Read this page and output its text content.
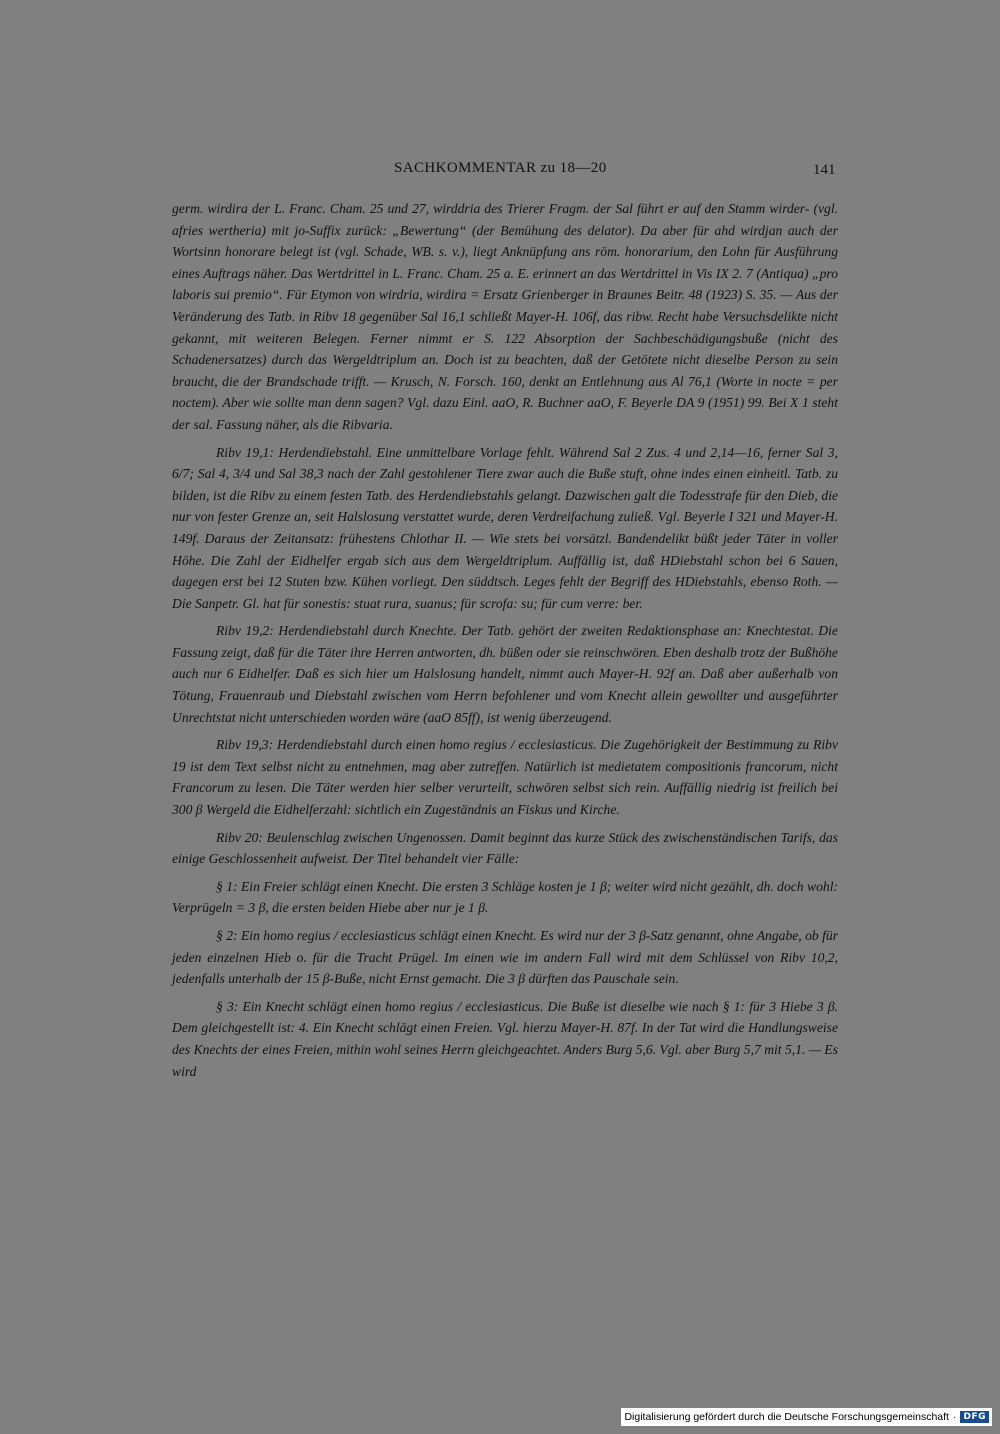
SACHKOMMENTAR zu 18—20	141

germ. wirdira der L. Franc. Cham. 25 und 27, wirddria des Trierer Fragm. der Sal führt er auf den Stamm wirder- (vgl. afries wertheria) mit jo-Suffix zurück: „Bewertung“ (der Bemühung des delator). Da aber für ahd wirdjan auch der Wortsinn honorare belegt ist (vgl. Schade, WB. s. v.), liegt Anknüpfung ans röm. honorarium, den Lohn für Ausführung eines Auftrags näher. Das Wertdrittel in L. Franc. Cham. 25 a. E. erinnert an das Wertdrittel in Vis IX 2. 7 (Antiqua) „pro laboris sui premio“. Für Etymon von wirdria, wirdira = Ersatz Grienberger in Braunes Beitr. 48 (1923) S. 35. — Aus der Veränderung des Tatb. in Ribv 18 gegenüber Sal 16,1 schließt Mayer-H. 106f, das ribw. Recht habe Versuchsdelikte nicht gekannt, mit weiteren Belegen. Ferner nimmt er S. 122 Absorption der Sachbeschädigungsbuße (nicht des Schadenersatzes) durch das Wergeldtriplum an. Doch ist zu beachten, daß der Getötete nicht dieselbe Person zu sein braucht, die der Brandschade trifft. — Krusch, N. Forsch. 160, denkt an Entlehnung aus Al 76,1 (Worte in nocte = per noctem). Aber wie sollte man denn sagen? Vgl. dazu Einl. aaO, R. Buchner aaO, F. Beyerle DA 9 (1951) 99. Bei X 1 steht der sal. Fassung näher, als die Ribvaria.

Ribv 19,1: Herdendiebstahl. Eine unmittelbare Vorlage fehlt. Während Sal 2 Zus. 4 und 2,14—16, ferner Sal 3, 6/7; Sal 4, 3/4 und Sal 38,3 nach der Zahl gestohlener Tiere zwar auch die Buße stuft, ohne indes einen einheitl. Tatb. zu bilden, ist die Ribv zu einem festen Tatb. des Herdendiebstahls gelangt. Dazwischen galt die Todesstrafe für den Dieb, die nur von fester Grenze an, seit Halslosung verstattet wurde, deren Verdreifachung zuließ. Vgl. Beyerle I 321 und Mayer-H. 149f. Daraus der Zeitansatz: frühestens Chlothar II. — Wie stets bei vorsätzl. Bandendelikt büßt jeder Täter in voller Höhe. Die Zahl der Eidhelfer ergab sich aus dem Wergeldtriplum. Auffällig ist, daß HDiebstahl schon bei 6 Sauen, dagegen erst bei 12 Stuten bzw. Kühen vorliegt. Den süddtsch. Leges fehlt der Begriff des HDiebstahls, ebenso Roth. — Die Sanpetr. Gl. hat für sonestis: stuat rura, suanus; für scrofa: su; für cum verre: ber.

Ribv 19,2: Herdendiebstahl durch Knechte. Der Tatb. gehört der zweiten Redaktionsphase an: Knechtestat. Die Fassung zeigt, daß für die Täter ihre Herren antworten, dh. büßen oder sie reinschwören. Eben deshalb trotz der Bußhöhe auch nur 6 Eidhelfer. Daß es sich hier um Halslosung handelt, nimmt auch Mayer-H. 92f an. Daß aber außerhalb von Tötung, Frauenraub und Diebstahl zwischen vom Herrn befohlener und vom Knecht allein gewollter und ausgeführter Unrechtstat nicht unterschieden worden wäre (aaO 85ff), ist wenig überzeugend.

Ribv 19,3: Herdendiebstahl durch einen homo regius / ecclesiasticus. Die Zugehörigkeit der Bestimmung zu Ribv 19 ist dem Text selbst nicht zu entnehmen, mag aber zutreffen. Natürlich ist medietatem compositionis francorum, nicht Francorum zu lesen. Die Täter werden hier selber verurteilt, schwören selbst sich rein. Auffällig niedrig ist freilich bei 300 β Wergeld die Eidhelferzahl: sichtlich ein Zugeständnis an Fiskus und Kirche.

Ribv 20: Beulenschlag zwischen Ungenossen. Damit beginnt das kurze Stück des zwischenständischen Tarifs, das einige Geschlossenheit aufweist. Der Titel behandelt vier Fälle:

§ 1: Ein Freier schlägt einen Knecht. Die ersten 3 Schläge kosten je 1 β; weiter wird nicht gezählt, dh. doch wohl: Verprügeln = 3 β, die ersten beiden Hiebe aber nur je 1 β.

§ 2: Ein homo regius / ecclesiasticus schlägt einen Knecht. Es wird nur der 3 β-Satz genannt, ohne Angabe, ob für jeden einzelnen Hieb o. für die Tracht Prügel. Im einen wie im andern Fall wird mit dem Schlüssel von Ribv 10,2, jedenfalls unterhalb der 15 β-Buße, nicht Ernst gemacht. Die 3 β dürften das Pauschale sein.

§ 3: Ein Knecht schlägt einen homo regius / ecclesiasticus. Die Buße ist dieselbe wie nach § 1: für 3 Hiebe 3 β. Dem gleichgestellt ist: 4. Ein Knecht schlägt einen Freien. Vgl. hierzu Mayer-H. 87f. In der Tat wird die Handlungsweise des Knechts der eines Freien, mithin wohl seines Herrn gleichgeachtet. Anders Burg 5,6. Vgl. aber Burg 5,7 mit 5,1. — Es wird

Digitalisierung gefördert durch die Deutsche Forschungsgemeinschaft · DFG
